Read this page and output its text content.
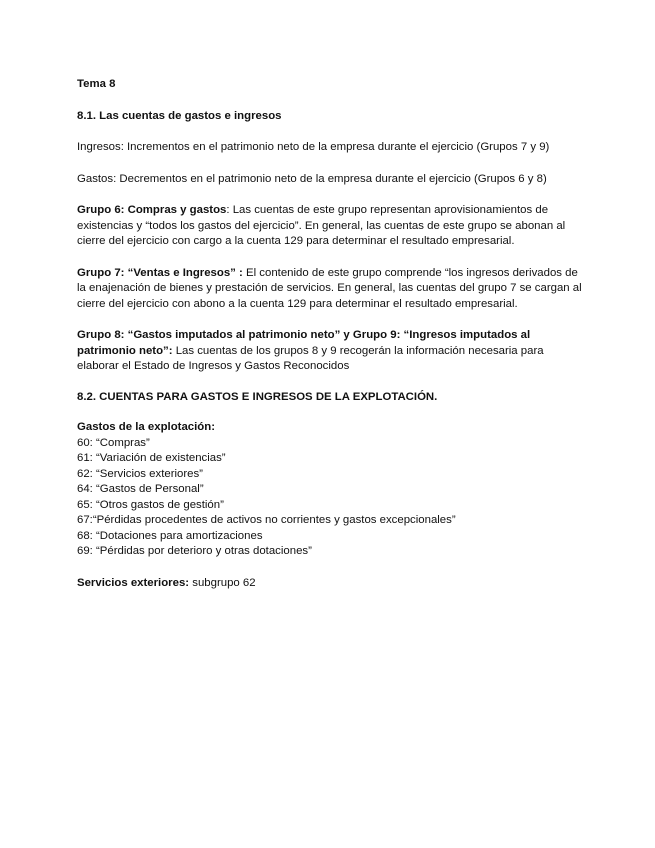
Tema 8

8.1. Las cuentas de gastos e ingresos

Ingresos: Incrementos en el patrimonio neto de la empresa durante el ejercicio (Grupos 7 y 9)

Gastos: Decrementos en el patrimonio neto de la empresa durante el ejercicio (Grupos 6 y 8)

Grupo 6: Compras y gastos: Las cuentas de este grupo representan aprovisionamientos de existencias y “todos los gastos del ejercicio”. En general, las cuentas de este grupo se abonan al cierre del ejercicio con cargo a la cuenta 129 para determinar el resultado empresarial.

Grupo 7: “Ventas e Ingresos” : El contenido de este grupo comprende “los ingresos derivados de la enajenación de bienes y prestación de servicios. En general, las cuentas del grupo 7 se cargan al cierre del ejercicio con abono a la cuenta 129 para determinar el resultado empresarial.

Grupo 8: “Gastos imputados al patrimonio neto” y Grupo 9: “Ingresos imputados al patrimonio neto”: Las cuentas de los grupos 8 y 9 recogerán la información necesaria para elaborar el Estado de Ingresos y Gastos Reconocidos

8.2. CUENTAS PARA GASTOS E INGRESOS DE LA EXPLOTACIÓN.

Gastos de la explotación:

60: “Compras”
61: “Variación de existencias”
62: “Servicios exteriores”
64: “Gastos de Personal”
65: “Otros gastos de gestión”
67:“Pérdidas procedentes de activos no corrientes y gastos excepcionales”
68: “Dotaciones para amortizaciones
69: “Pérdidas por deterioro y otras dotaciones”

Servicios exteriores: subgrupo 62
